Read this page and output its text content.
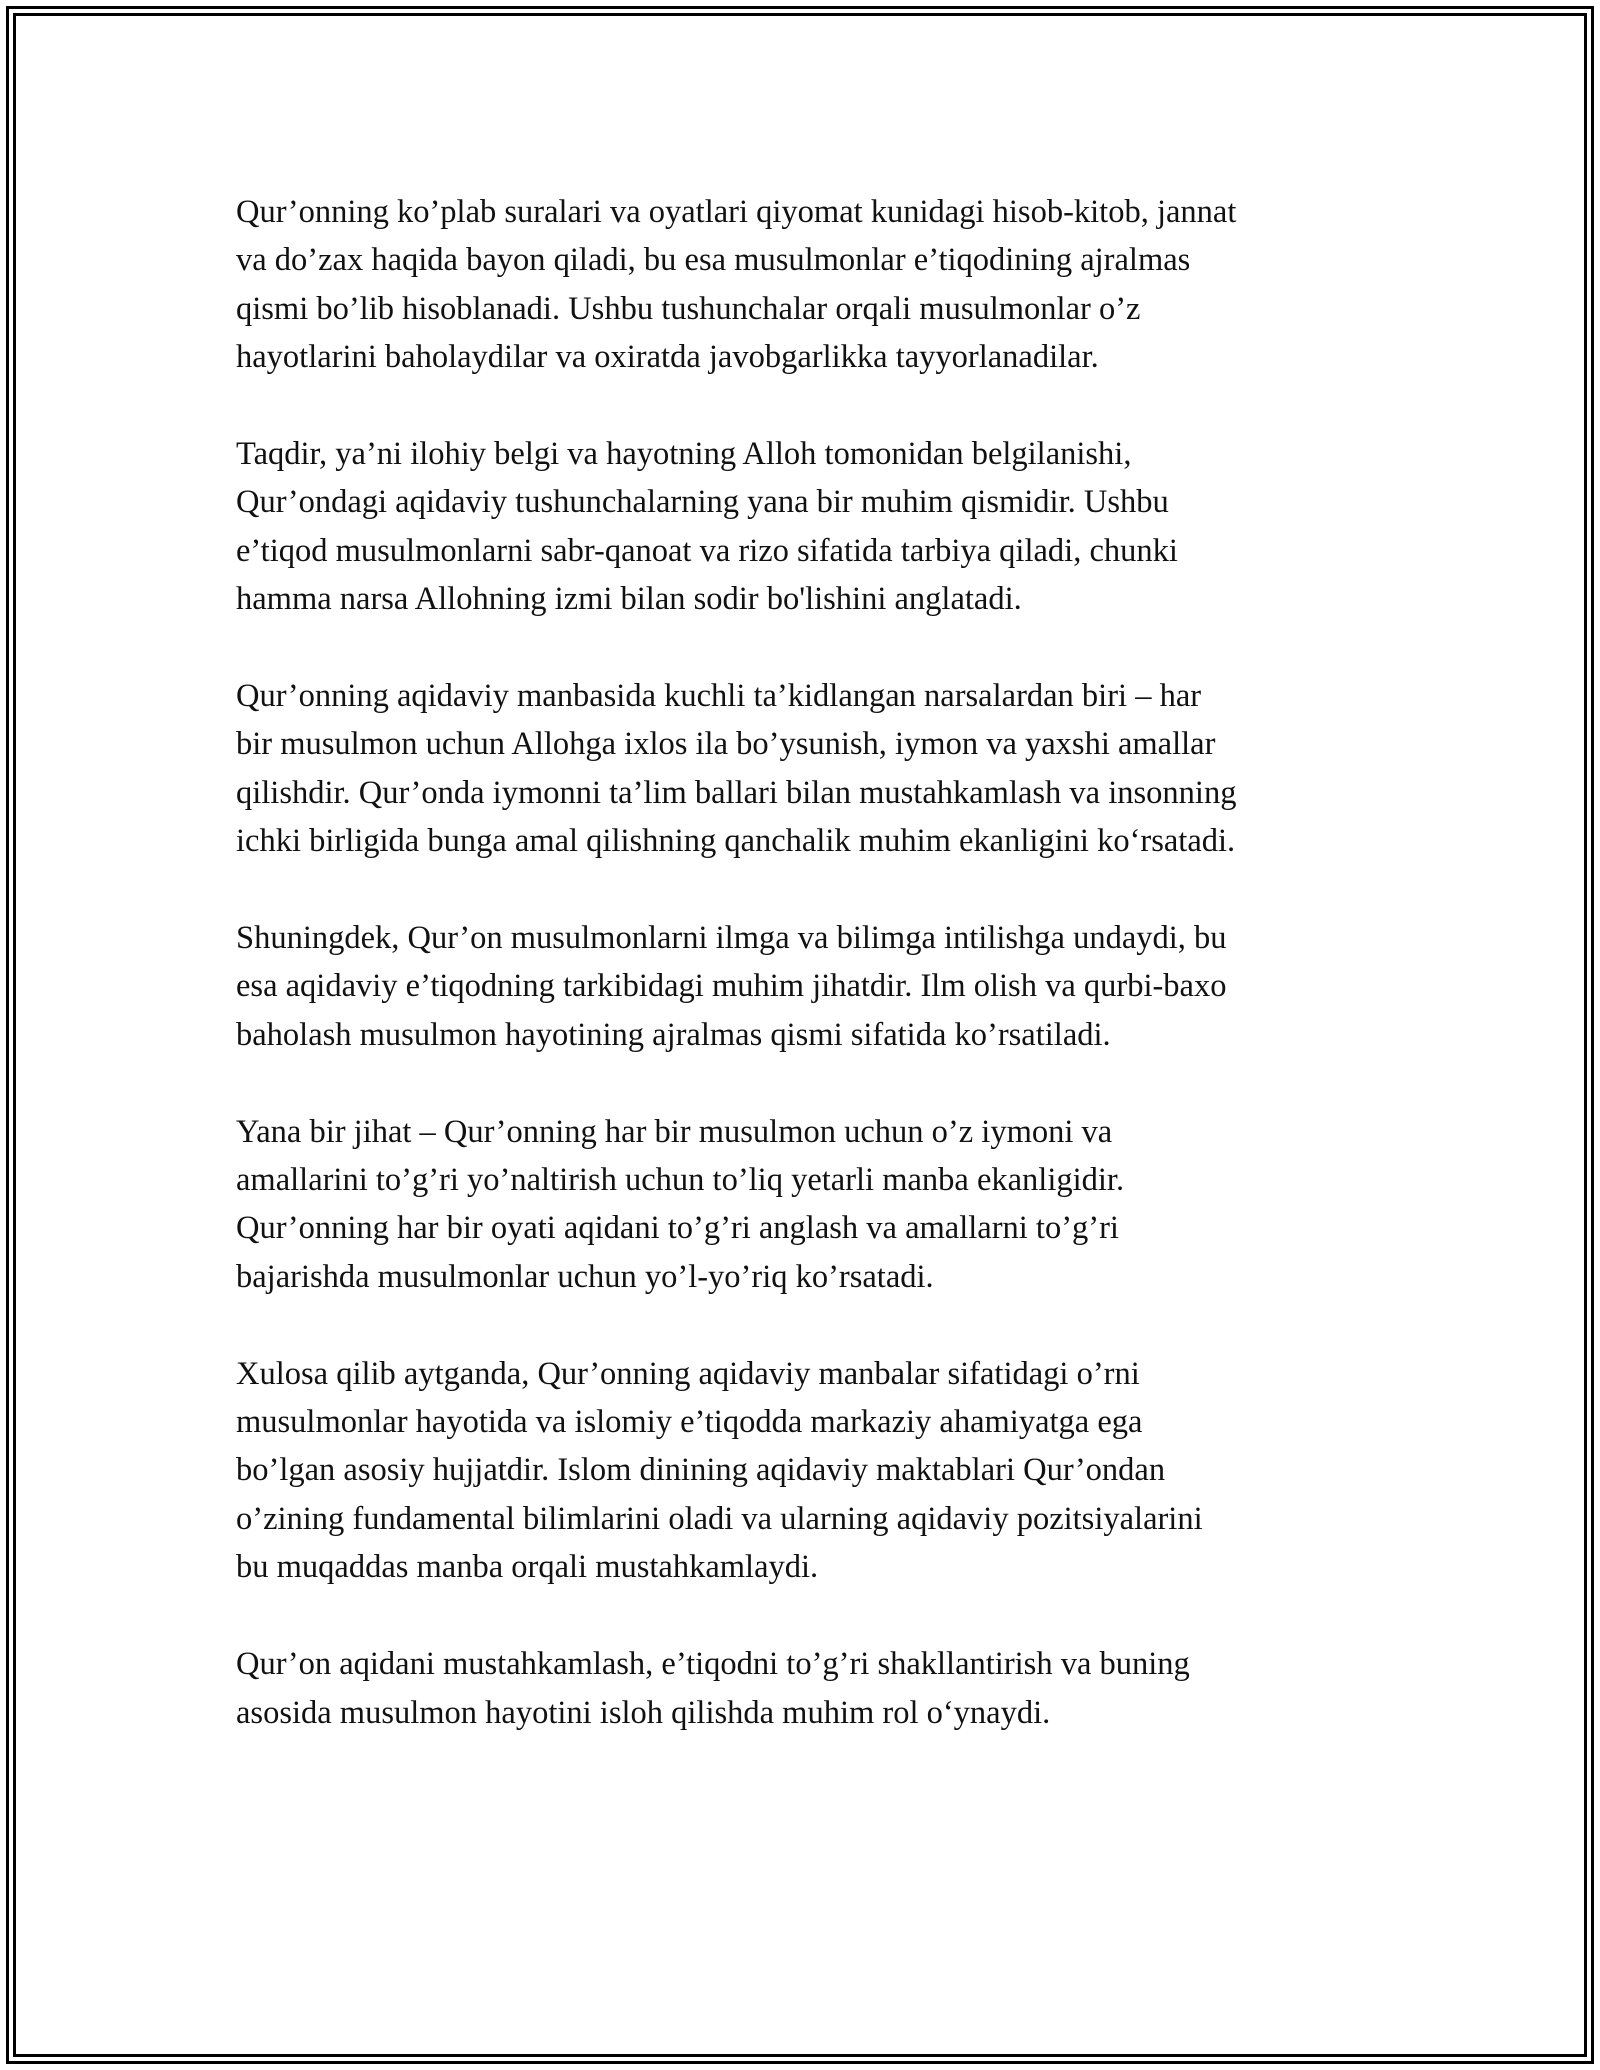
Qur’onning ko’plab suralari va oyatlari qiyomat kunidagi hisob-kitob, jannat
va do’zax haqida bayon qiladi, bu esa musulmonlar e’tiqodining ajralmas
qismi bo’lib hisoblanadi. Ushbu tushunchalar orqali musulmonlar o’z
hayotlarini baholaydilar va oxiratda javobgarlikka tayyorlanadilar.
Taqdir, ya’ni ilohiy belgi va hayotning Alloh tomonidan belgilanishi,
Qur’ondagi aqidaviy tushunchalarning yana bir muhim qismidir. Ushbu
e’tiqod musulmonlarni sabr-qanoat va rizo sifatida tarbiya qiladi, chunki
hamma narsa Allohning izmi bilan sodir bo'lishini anglatadi.
Qur’onning aqidaviy manbasida kuchli ta’kidlangan narsalardan biri – har
bir musulmon uchun Allohga ixlos ila bo’ysunish, iymon va yaxshi amallar
qilishdir. Qur’onda iymonni ta’lim ballari bilan mustahkamlash va insonning
ichki birligida bunga amal qilishning qanchalik muhim ekanligini ko‘rsatadi.
Shuningdek, Qur’on musulmonlarni ilmga va bilimga intilishga undaydi, bu
esa aqidaviy e’tiqodning tarkibidagi muhim jihatdir. Ilm olish va qurbi-baxo
baholash musulmon hayotining ajralmas qismi sifatida ko’rsatiladi.
Yana bir jihat – Qur’onning har bir musulmon uchun o’z iymoni va
amallarini to’g’ri yo’naltirish uchun to’liq yetarli manba ekanligidir.
Qur’onning har bir oyati aqidani to’g’ri anglash va amallarni to’g’ri
bajarishda musulmonlar uchun yo’l-yo’riq ko’rsatadi.
Xulosa qilib aytganda, Qur’onning aqidaviy manbalar sifatidagi o’rni
musulmonlar hayotida va islomiy e’tiqodda markaziy ahamiyatga ega
bo’lgan asosiy hujjatdir. Islom dinining aqidaviy maktablari Qur’ondan
o’zining fundamental bilimlarini oladi va ularning aqidaviy pozitsiyalarini
bu muqaddas manba orqali mustahkamlaydi.
Qur’on aqidani mustahkamlash, e’tiqodni to’g’ri shakllantirish va buning
asosida musulmon hayotini isloh qilishda muhim rol o‘ynaydi.
